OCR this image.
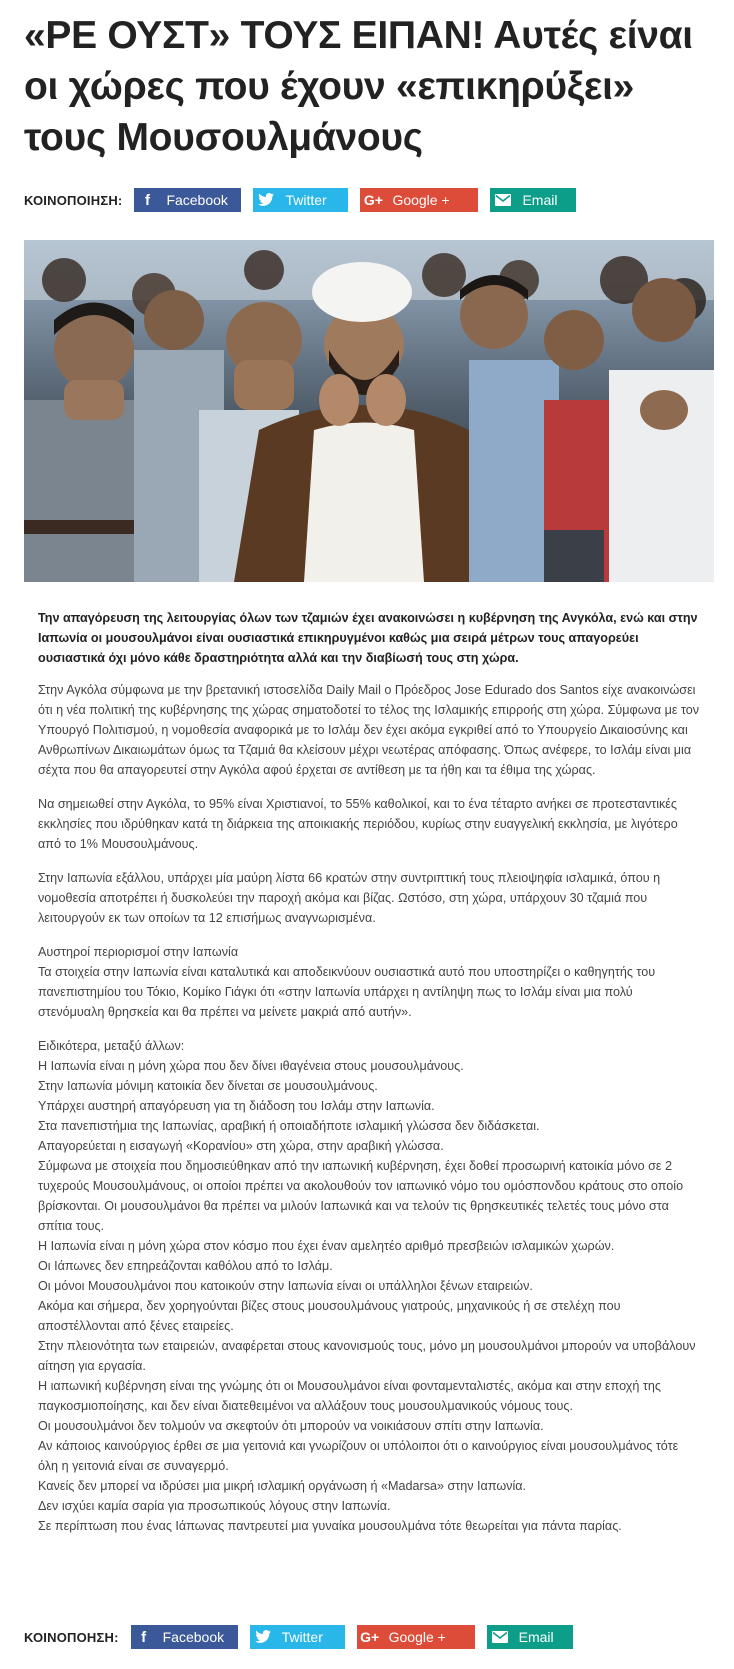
«ΡΕ ΟΥΣΤ» ΤΟΥΣ ΕΙΠΑΝ! Αυτές είναι οι χώρες που έχουν «επικηρύξει» τους Μουσουλμάνους
ΚΟΙΝΟΠΟΙΗΣΗ:	f	Facebook	Twitter	G+ Google +	Email

Την απαγόρευση της λειτουργίας όλων των τζαμιών έχει ανακοινώσει η κυβέρνηση της Ανγκόλα, ενώ και στην Ιαπωνία οι μουσουλμάνοι είναι ουσιαστικά επικηρυγμένοι καθώς μια σειρά μέτρων τους απαγορεύει ουσιαστικά όχι μόνο κάθε δραστηριότητα αλλά και την διαβίωσή τους στη χώρα.

Στην Αγκόλα σύμφωνα με την βρετανική ιστοσελίδα Daily Mail ο Πρόεδρος Jose Edurado dos Santos είχε ανακοινώσει ότι η νέα πολιτική της κυβέρνησης της χώρας σηματοδοτεί το τέλος της Ισλαμικής επιρροής στη χώρα. Σύμφωνα με τον Υπουργό Πολιτισμού, η νομοθεσία αναφορικά με το Ισλάμ δεν έχει ακόμα εγκριθεί από το Υπουργείο Δικαιοσύνης και Ανθρωπίνων Δικαιωμάτων όμως τα Τζαμιά θα κλείσουν μέχρι νεωτέρας απόφασης. Όπως ανέφερε, το Ισλάμ είναι μια σέχτα που θα απαγορευτεί στην Αγκόλα αφού έρχεται σε αντίθεση με τα ήθη και τα έθιμα της χώρας.

Να σημειωθεί στην Αγκόλα, το 95% είναι Χριστιανοί, το 55% καθολικοί, και το ένα τέταρτο ανήκει σε προτεσταντικές εκκλησίες που ιδρύθηκαν κατά τη διάρκεια της αποικιακής περιόδου, κυρίως στην ευαγγελική εκκλησία, με λιγότερο από το 1% Μουσουλμάνους.

Στην Ιαπωνία εξάλλου, υπάρχει μία μαύρη λίστα 66 κρατών στην συντριπτική τους πλειοψηφία ισλαμικά, όπου η νομοθεσία αποτρέπει ή δυσκολεύει την παροχή ακόμα και βίζας. Ωστόσο, στη χώρα, υπάρχουν 30 τζαμιά που λειτουργούν εκ των οποίων τα 12 επισήμως αναγνωρισμένα.

Αυστηροί περιορισμοί στην Ιαπωνία
Τα στοιχεία στην Ιαπωνία είναι καταλυτικά και αποδεικνύουν ουσιαστικά αυτό που υποστηρίζει ο καθηγητής του πανεπιστημίου του Τόκιο, Κομίκο Γιάγκι ότι «στην Ιαπωνία υπάρχει η αντίληψη πως το Ισλάμ είναι μια πολύ στενόμυαλη θρησκεία και θα πρέπει να μείνετε μακριά από αυτήν».

Ειδικότερα, μεταξύ άλλων:
Η Ιαπωνία είναι η μόνη χώρα που δεν δίνει ιθαγένεια στους μουσουλμάνους.
Στην Ιαπωνία μόνιμη κατοικία δεν δίνεται σε μουσουλμάνους.
Υπάρχει αυστηρή απαγόρευση για τη διάδοση του Ισλάμ στην Ιαπωνία.
Στα πανεπιστήμια της Ιαπωνίας, αραβική ή οποιαδήποτε ισλαμική γλώσσα δεν διδάσκεται.
Απαγορεύεται η εισαγωγή «Κορανίου» στη χώρα, στην αραβική γλώσσα.
Σύμφωνα με στοιχεία που δημοσιεύθηκαν από την ιαπωνική κυβέρνηση, έχει δοθεί προσωρινή κατοικία μόνο σε 2 τυχερούς Μουσουλμάνους, οι οποίοι πρέπει να ακολουθούν τον ιαπωνικό νόμο του ομόσπονδου κράτους στο οποίο βρίσκονται. Οι μουσουλμάνοι θα πρέπει να μιλούν Ιαπωνικά και να τελούν τις θρησκευτικές τελετές τους μόνο στα σπίτια τους.
Η Ιαπωνία είναι η μόνη χώρα στον κόσμο που έχει έναν αμελητέο αριθμό πρεσβειών ισλαμικών χωρών.
Οι Ιάπωνες δεν επηρεάζονται καθόλου από το Ισλάμ.
Οι μόνοι Μουσουλμάνοι που κατοικούν στην Ιαπωνία είναι οι υπάλληλοι ξένων εταιρειών.
Ακόμα και σήμερα, δεν χορηγούνται βίζες στους μουσουλμάνους γιατρούς, μηχανικούς ή σε στελέχη που αποστέλλονται από ξένες εταιρείες.
Στην πλειονότητα των εταιρειών, αναφέρεται στους κανονισμούς τους, μόνο μη μουσουλμάνοι μπορούν να υποβάλουν αίτηση για εργασία.
Η ιαπωνική κυβέρνηση είναι της γνώμης ότι οι Μουσουλμάνοι είναι φονταμενταλιστές, ακόμα και στην εποχή της παγκοσμιοποίησης, και δεν είναι διατεθειμένοι να αλλάξουν τους μουσουλμανικούς νόμους τους.
Οι μουσουλμάνοι δεν τολμούν να σκεφτούν ότι μπορούν να νοικιάσουν σπίτι στην Ιαπωνία.
Αν κάποιος καινούργιος έρθει σε μια γειτονιά και γνωρίζουν οι υπόλοιποι ότι ο καινούργιος είναι μουσουλμάνος τότε όλη η γειτονιά είναι σε συναγερμό.
Κανείς δεν μπορεί να ιδρύσει μια μικρή ισλαμική οργάνωση ή «Madarsa» στην Ιαπωνία.
Δεν ισχύει καμία σαρία για προσωπικούς λόγους στην Ιαπωνία.
Σε περίπτωση που ένας Ιάπωνας παντρευτεί μια γυναίκα μουσουλμάνα τότε θεωρείται για πάντα παρίας.
ΚΟΙΝΟΠΟΗΣΗ:	f	Facebook	Twitter	G+ Google +	Email
